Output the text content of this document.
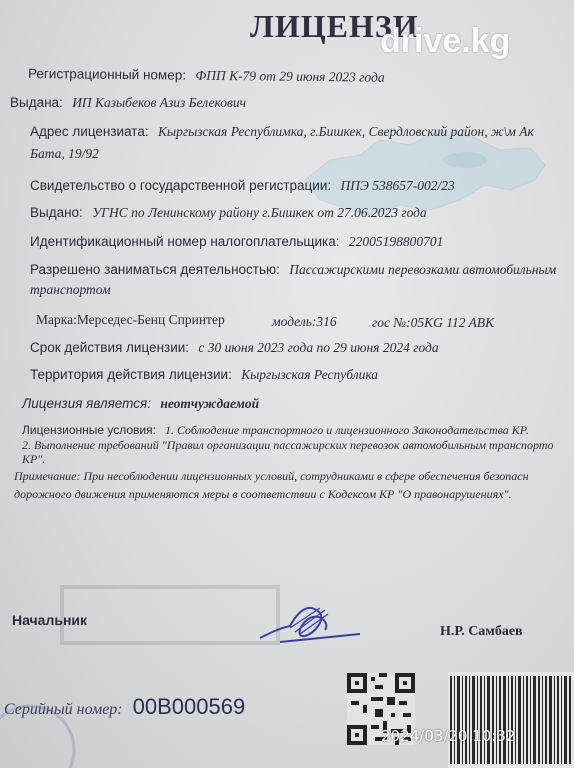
ЛИЦЕНЗИ
drive.kg
Регистрационный номер: ФПП К-79 от 29 июня 2023 года
Выдана: ИП Казыбеков Азиз Белекович
Адрес лицензиата: Кыргызская Республимка, г.Бишкек, Свердловский район, ж\м Ак
Бата, 19/92
Свидетельство о государственной регистрации: ППЭ 538657-002/23
Выдано: УГНС по Ленинскому району г.Бишкек от 27.06.2023 года
Идентификационный номер налогоплательщика: 22005198800701
Разрешено заниматься деятельностью: Пассажирскими перевозками автомобильным
транспортом
Марка:Мерседес-Бенц Спринтер	модель:316	гос №:05KG 112 ABK
Срок действия лицензии: с 30 июня 2023 года по 29 июня 2024 года
Территория действия лицензии: Кыргызская Республика
Лицензия является: неотчуждаемой
Лицензионные условия: 1. Соблюдение транспортного и лицензионного Законодательства КР.
2. Выполнение требований "Правил организации пассажирских перевозок автомобильным транспорто
КР".
Примечание: При несоблюдении лицензионных условий, сотрудниками в сфере обеспечения безопасн
дорожного движения применяются меры в соответствии с Кодексом КР "О правонарушениях".
Начальник
Н.Р. Самбаев
Серийный номер: 00B000569
2024/03/20 10:32
